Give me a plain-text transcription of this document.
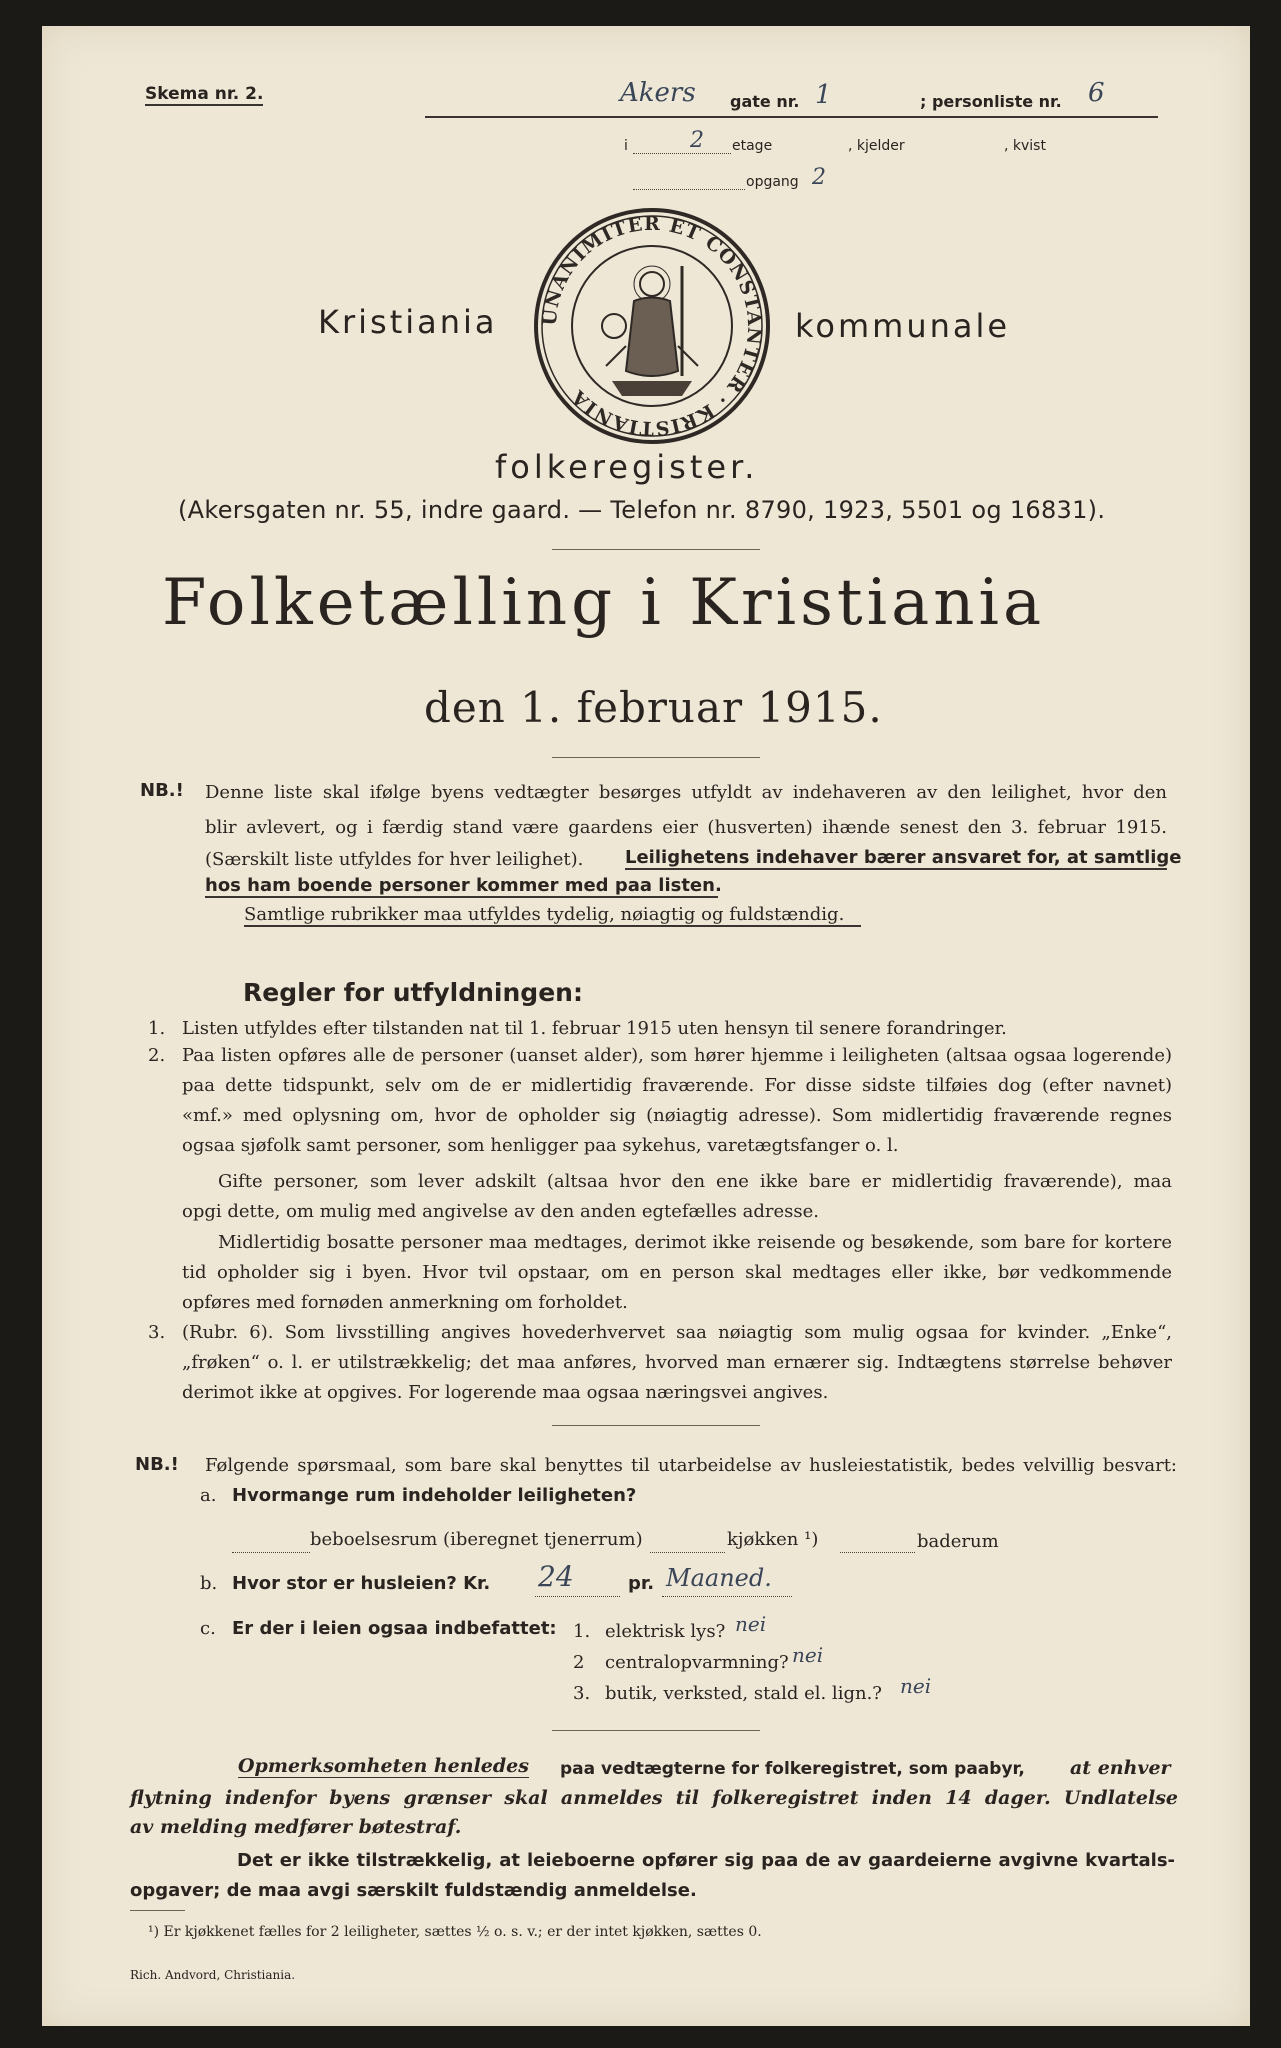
Skema nr. 2.	Akers gate nr. 1	; personliste nr. 6
i	2 etage	, kjelder	, kvist
opgang 2
UNANIMITER ET CONSTANTER · KRISTIANIA
Kristiania	kommunale
folkeregister.
(Akersgaten nr. 55, indre gaard. — Telefon nr. 8790, 1923, 5501 og 16831).
Folketælling i Kristiania
den 1. februar 1915.
NB.! Denne liste skal ifølge byens vedtægter besørges utfyldt av indehaveren av den leilighet, hvor den
blir avlevert, og i færdig stand være gaardens eier (husverten) ihænde senest den 3. februar 1915.
(Særskilt liste utfyldes for hver leilighet). Leilighetens indehaver bærer ansvaret for, at samtlige
hos ham boende personer kommer med paa listen.
Samtlige rubrikker maa utfyldes tydelig, nøiagtig og fuldstændig.
Regler for utfyldningen:
1. Listen utfyldes efter tilstanden nat til 1. februar 1915 uten hensyn til senere forandringer.
2. Paa listen opføres alle de personer (uanset alder), som hører hjemme i leiligheten (altsaa ogsaa logerende)
paa dette tidspunkt, selv om de er midlertidig fraværende. For disse sidste tilføies dog (efter navnet)
«mf.» med oplysning om, hvor de opholder sig (nøiagtig adresse). Som midlertidig fraværende regnes
ogsaa sjøfolk samt personer, som henligger paa sykehus, varetægtsfanger o. l.
Gifte personer, som lever adskilt (altsaa hvor den ene ikke bare er midlertidig fraværende), maa
opgi dette, om mulig med angivelse av den anden egtefælles adresse.
Midlertidig bosatte personer maa medtages, derimot ikke reisende og besøkende, som bare for kortere
tid opholder sig i byen. Hvor tvil opstaar, om en person skal medtages eller ikke, bør vedkommende
opføres med fornøden anmerkning om forholdet.
3. (Rubr. 6). Som livsstilling angives hovederhvervet saa nøiagtig som mulig ogsaa for kvinder. „Enke“,
„frøken“ o. l. er utilstrækkelig; det maa anføres, hvorved man ernærer sig. Indtægtens størrelse behøver
derimot ikke at opgives. For logerende maa ogsaa næringsvei angives.
NB.! Følgende spørsmaal, som bare skal benyttes til utarbeidelse av husleiestatistik, bedes velvillig besvart:
a. Hvormange rum indeholder leiligheten?
beboelsesrum (iberegnet tjenerrum)	kjøkken ¹)	baderum
b. Hvor stor er husleien? Kr. 24	pr. Maaned.
c. Er der i leien ogsaa indbefattet: 1. elektrisk lys? nei
2 centralopvarmning? nei
3. butik, verksted, stald el. lign.? nei
Opmerksomheten henledes paa vedtægterne for folkeregistret, som paabyr, at enhver
flytning indenfor byens grænser skal anmeldes til folkeregistret inden 14 dager. Undlatelse
av melding medfører bøtestraf.
Det er ikke tilstrækkelig, at leieboerne opfører sig paa de av gaardeierne avgivne kvartals-
opgaver; de maa avgi særskilt fuldstændig anmeldelse.
¹) Er kjøkkenet fælles for 2 leiligheter, sættes ½ o. s. v.; er der intet kjøkken, sættes 0.
Rich. Andvord, Christiania.
